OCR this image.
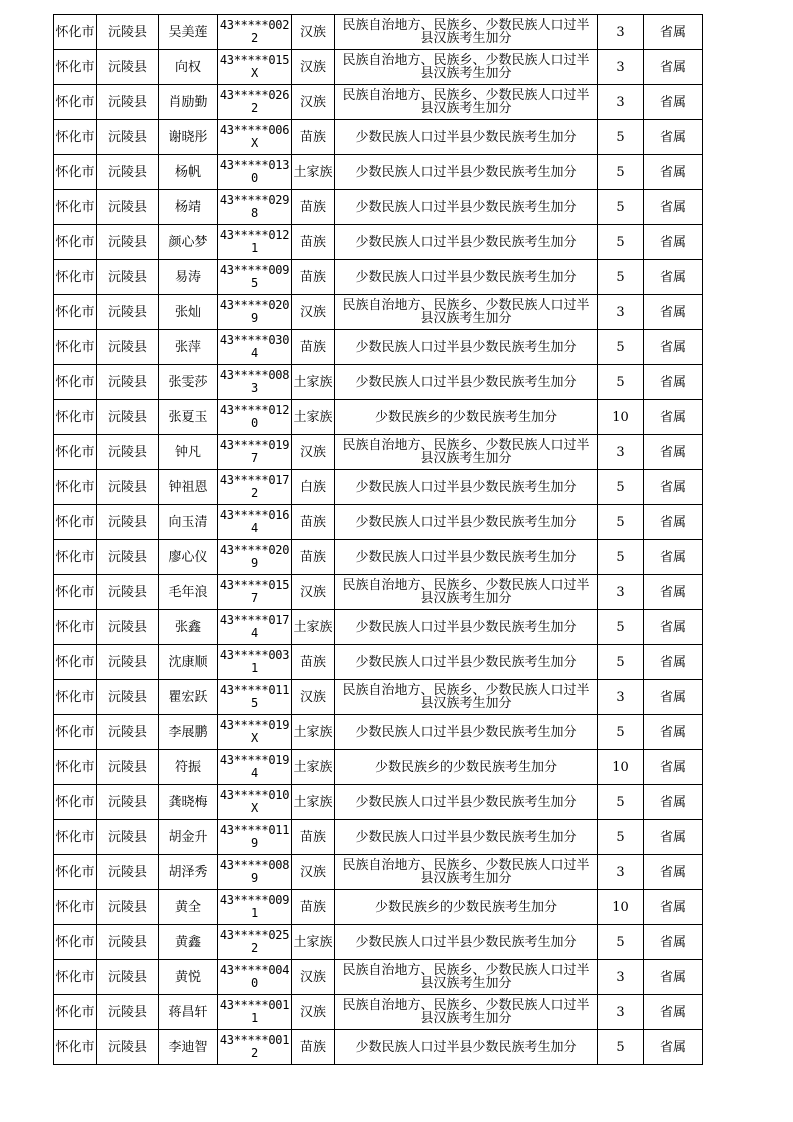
怀化市	沅陵县	吴美莲	43*****0022	汉族	民族自治地方、民族乡、少数民族人口过半县汉族考生加分	3	省属
怀化市	沅陵县	向权	43*****015X	汉族	民族自治地方、民族乡、少数民族人口过半县汉族考生加分	3	省属
怀化市	沅陵县	肖励勤	43*****0262	汉族	民族自治地方、民族乡、少数民族人口过半县汉族考生加分	3	省属
怀化市	沅陵县	谢晓彤	43*****006X	苗族	少数民族人口过半县少数民族考生加分	5	省属
怀化市	沅陵县	杨帆	43*****0130	土家族	少数民族人口过半县少数民族考生加分	5	省属
怀化市	沅陵县	杨靖	43*****0298	苗族	少数民族人口过半县少数民族考生加分	5	省属
怀化市	沅陵县	颜心梦	43*****0121	苗族	少数民族人口过半县少数民族考生加分	5	省属
怀化市	沅陵县	易涛	43*****0095	苗族	少数民族人口过半县少数民族考生加分	5	省属
怀化市	沅陵县	张灿	43*****0209	汉族	民族自治地方、民族乡、少数民族人口过半县汉族考生加分	3	省属
怀化市	沅陵县	张萍	43*****0304	苗族	少数民族人口过半县少数民族考生加分	5	省属
怀化市	沅陵县	张雯莎	43*****0083	土家族	少数民族人口过半县少数民族考生加分	5	省属
怀化市	沅陵县	张夏玉	43*****0120	土家族	少数民族乡的少数民族考生加分	10	省属
怀化市	沅陵县	钟凡	43*****0197	汉族	民族自治地方、民族乡、少数民族人口过半县汉族考生加分	3	省属
怀化市	沅陵县	钟祖恩	43*****0172	白族	少数民族人口过半县少数民族考生加分	5	省属
怀化市	沅陵县	向玉清	43*****0164	苗族	少数民族人口过半县少数民族考生加分	5	省属
怀化市	沅陵县	廖心仪	43*****0209	苗族	少数民族人口过半县少数民族考生加分	5	省属
怀化市	沅陵县	毛年浪	43*****0157	汉族	民族自治地方、民族乡、少数民族人口过半县汉族考生加分	3	省属
怀化市	沅陵县	张鑫	43*****0174	土家族	少数民族人口过半县少数民族考生加分	5	省属
怀化市	沅陵县	沈康顺	43*****0031	苗族	少数民族人口过半县少数民族考生加分	5	省属
怀化市	沅陵县	瞿宏跃	43*****0115	汉族	民族自治地方、民族乡、少数民族人口过半县汉族考生加分	3	省属
怀化市	沅陵县	李展鹏	43*****019X	土家族	少数民族人口过半县少数民族考生加分	5	省属
怀化市	沅陵县	符振	43*****0194	土家族	少数民族乡的少数民族考生加分	10	省属
怀化市	沅陵县	龚晓梅	43*****010X	土家族	少数民族人口过半县少数民族考生加分	5	省属
怀化市	沅陵县	胡金升	43*****0119	苗族	少数民族人口过半县少数民族考生加分	5	省属
怀化市	沅陵县	胡泽秀	43*****0089	汉族	民族自治地方、民族乡、少数民族人口过半县汉族考生加分	3	省属
怀化市	沅陵县	黄全	43*****0091	苗族	少数民族乡的少数民族考生加分	10	省属
怀化市	沅陵县	黄鑫	43*****0252	土家族	少数民族人口过半县少数民族考生加分	5	省属
怀化市	沅陵县	黄悦	43*****0040	汉族	民族自治地方、民族乡、少数民族人口过半县汉族考生加分	3	省属
怀化市	沅陵县	蒋昌轩	43*****0011	汉族	民族自治地方、民族乡、少数民族人口过半县汉族考生加分	3	省属
怀化市	沅陵县	李迪智	43*****0012	苗族	少数民族人口过半县少数民族考生加分	5	省属
